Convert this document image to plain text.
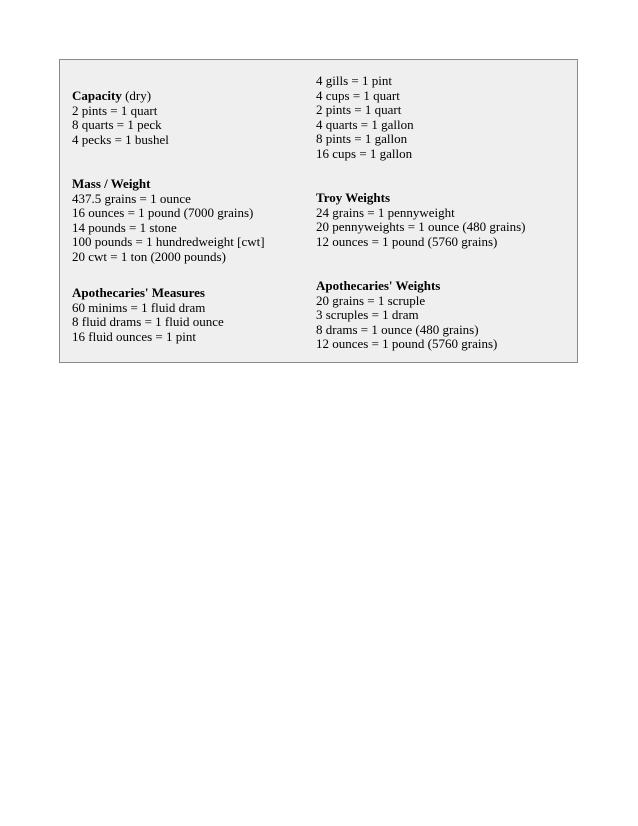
Capacity (dry)
2 pints = 1 quart
8 quarts = 1 peck
4 pecks = 1 bushel
Mass / Weight
437.5 grains = 1 ounce
16 ounces = 1 pound (7000 grains)
14 pounds = 1 stone
100 pounds = 1 hundredweight [cwt]
20 cwt = 1 ton (2000 pounds)
Apothecaries' Measures
60 minims = 1 fluid dram
8 fluid drams = 1 fluid ounce
16 fluid ounces = 1 pint
4 gills = 1 pint
4 cups = 1 quart
2 pints = 1 quart
4 quarts = 1 gallon
8 pints = 1 gallon
16 cups = 1 gallon
Troy Weights
24 grains = 1 pennyweight
20 pennyweights = 1 ounce (480 grains)
12 ounces = 1 pound (5760 grains)
Apothecaries' Weights
20 grains = 1 scruple
3 scruples = 1 dram
8 drams = 1 ounce (480 grains)
12 ounces = 1 pound (5760 grains)
